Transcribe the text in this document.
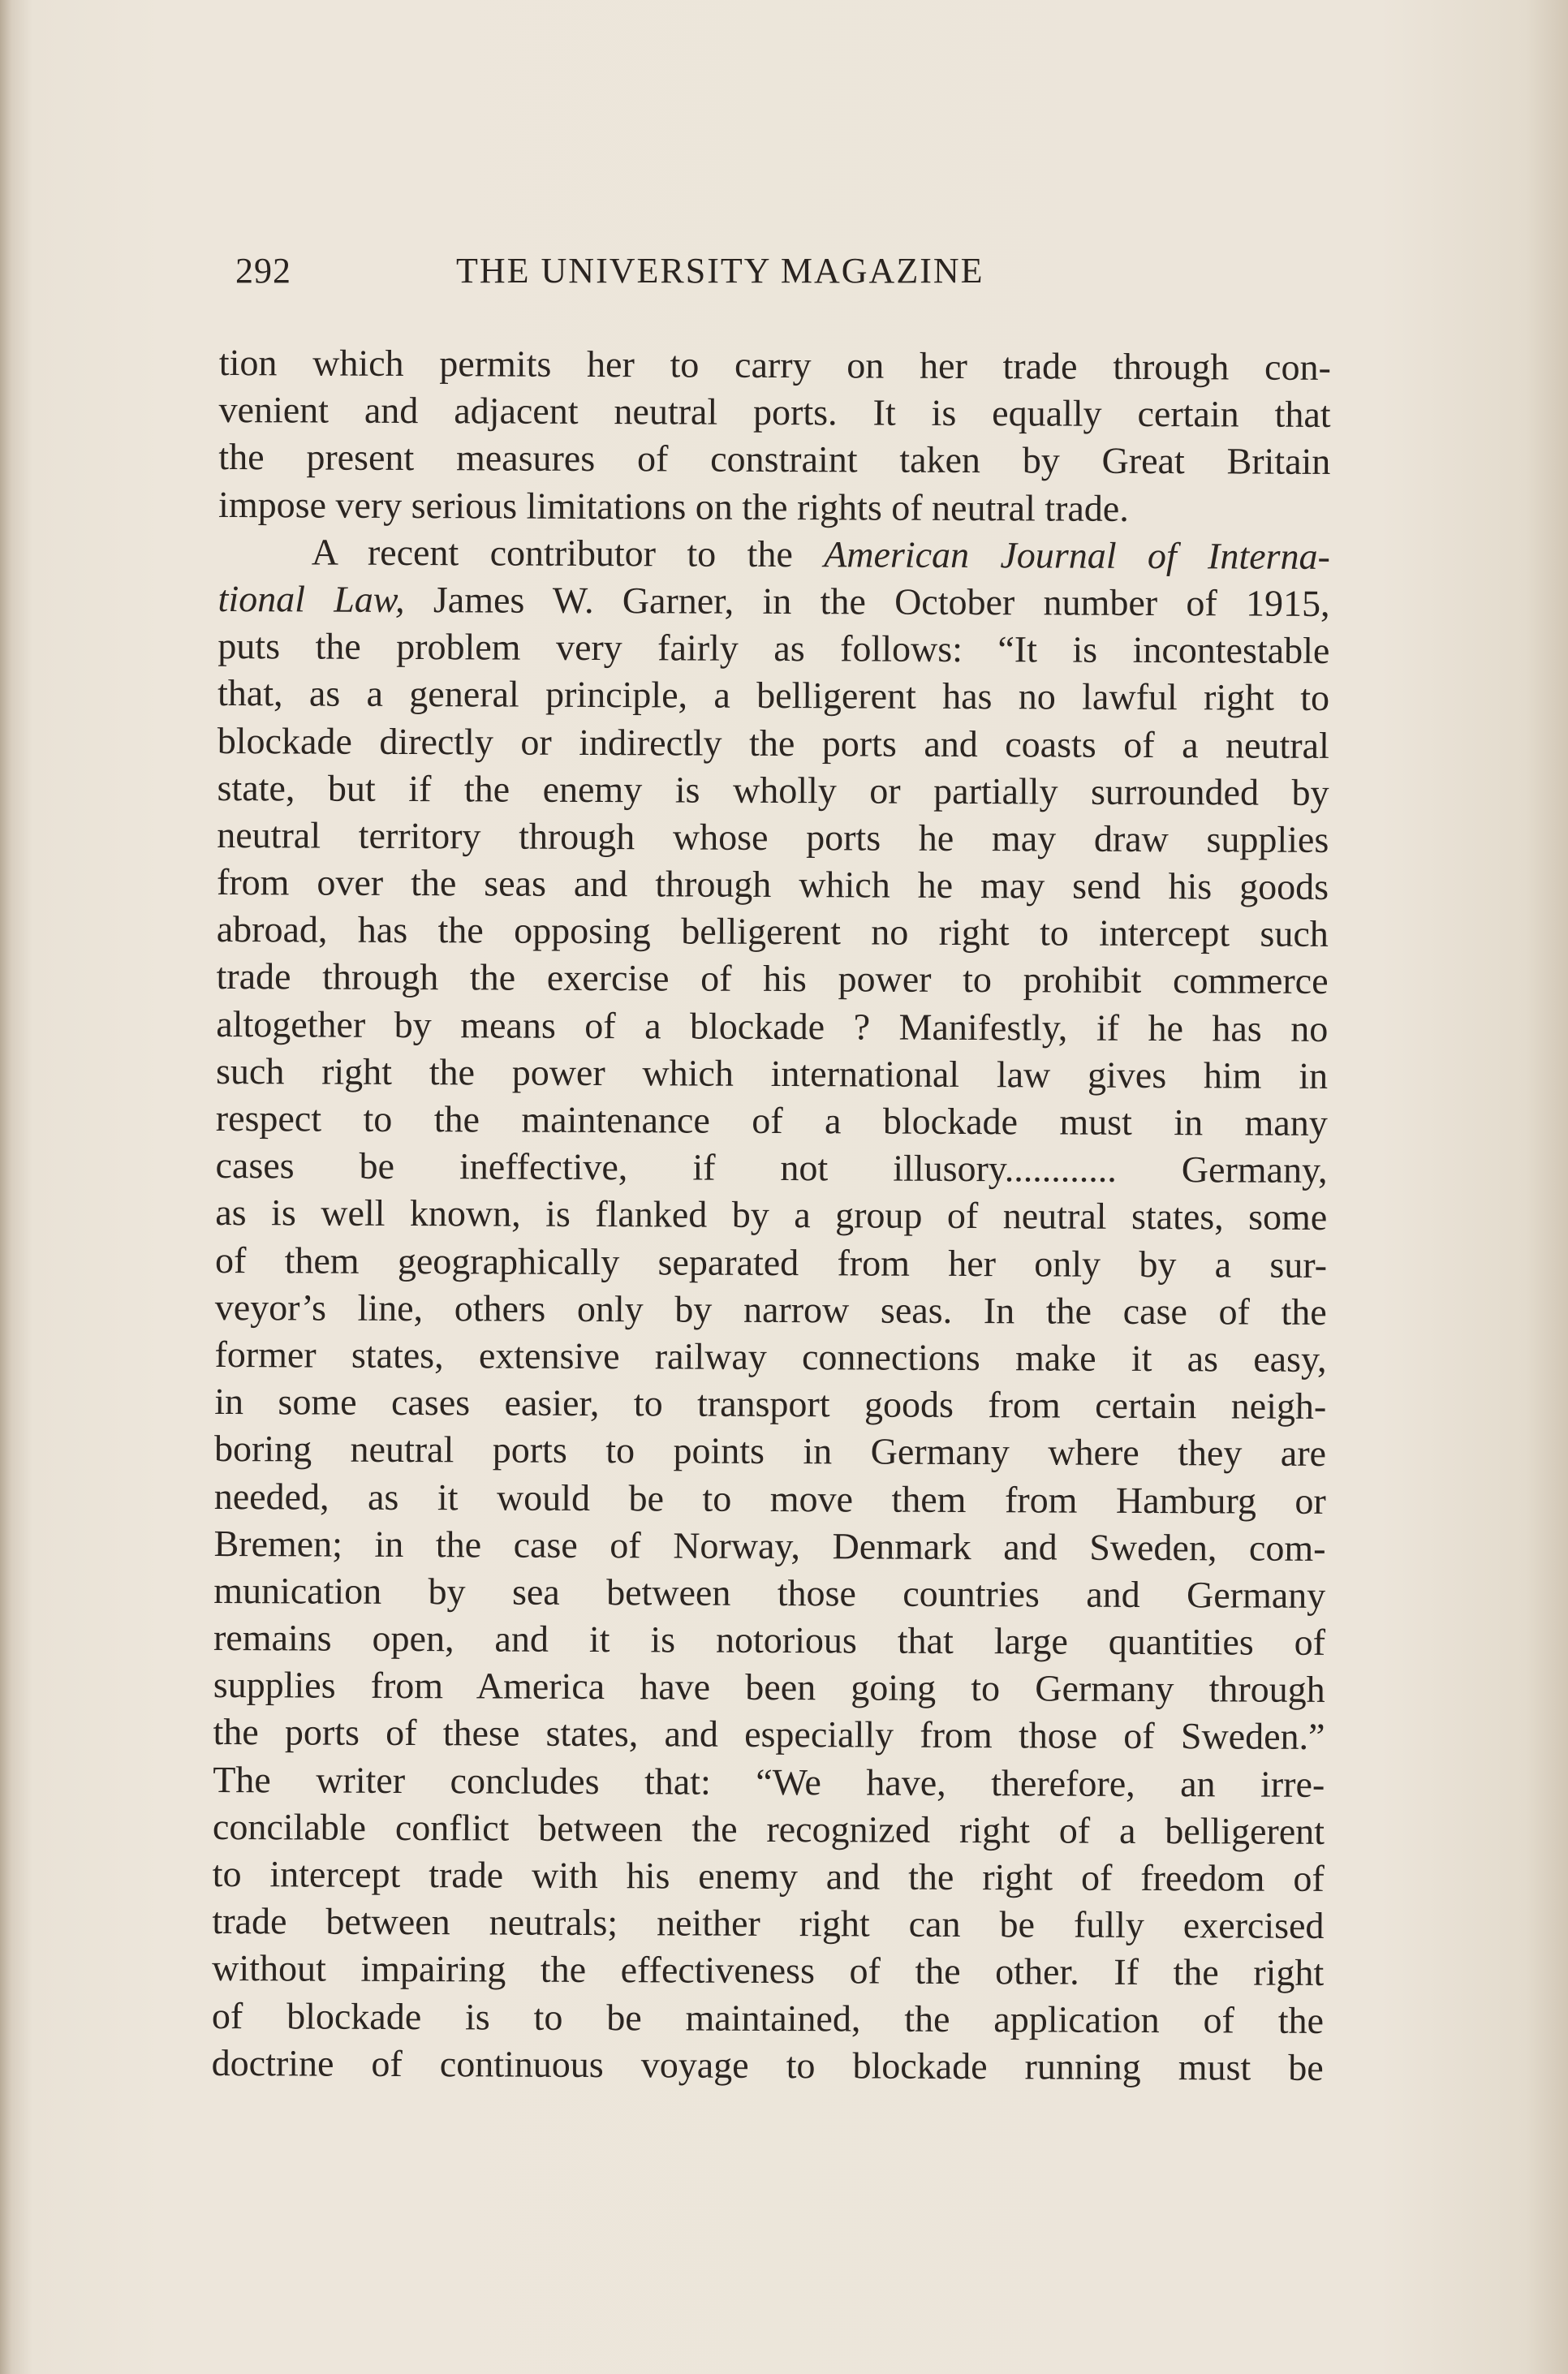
292	THE UNIVERSITY MAGAZINE
tion which permits her to carry on her trade through con-
venient and adjacent neutral ports. It is equally certain that
the present measures of constraint taken by Great Britain
impose very serious limitations on the rights of neutral trade.
A recent contributor to the American Journal of Interna-
tional Law, James W. Garner, in the October number of 1915,
puts the problem very fairly as follows: “It is incontestable
that, as a general principle, a belligerent has no lawful right to
blockade directly or indirectly the ports and coasts of a neutral
state, but if the enemy is wholly or partially surrounded by
neutral territory through whose ports he may draw supplies
from over the seas and through which he may send his goods
abroad, has the opposing belligerent no right to intercept such
trade through the exercise of his power to prohibit commerce
altogether by means of a blockade ? Manifestly, if he has no
such right the power which international law gives him in
respect to the maintenance of a blockade must in many
cases be ineffective, if not illusory............ Germany,
as is well known, is flanked by a group of neutral states, some
of them geographically separated from her only by a sur-
veyor’s line, others only by narrow seas. In the case of the
former states, extensive railway connections make it as easy,
in some cases easier, to transport goods from certain neigh-
boring neutral ports to points in Germany where they are
needed, as it would be to move them from Hamburg or
Bremen; in the case of Norway, Denmark and Sweden, com-
munication by sea between those countries and Germany
remains open, and it is notorious that large quantities of
supplies from America have been going to Germany through
the ports of these states, and especially from those of Sweden.”
The writer concludes that: “We have, therefore, an irre-
concilable conflict between the recognized right of a belligerent
to intercept trade with his enemy and the right of freedom of
trade between neutrals; neither right can be fully exercised
without impairing the effectiveness of the other. If the right
of blockade is to be maintained, the application of the
doctrine of continuous voyage to blockade running must be
